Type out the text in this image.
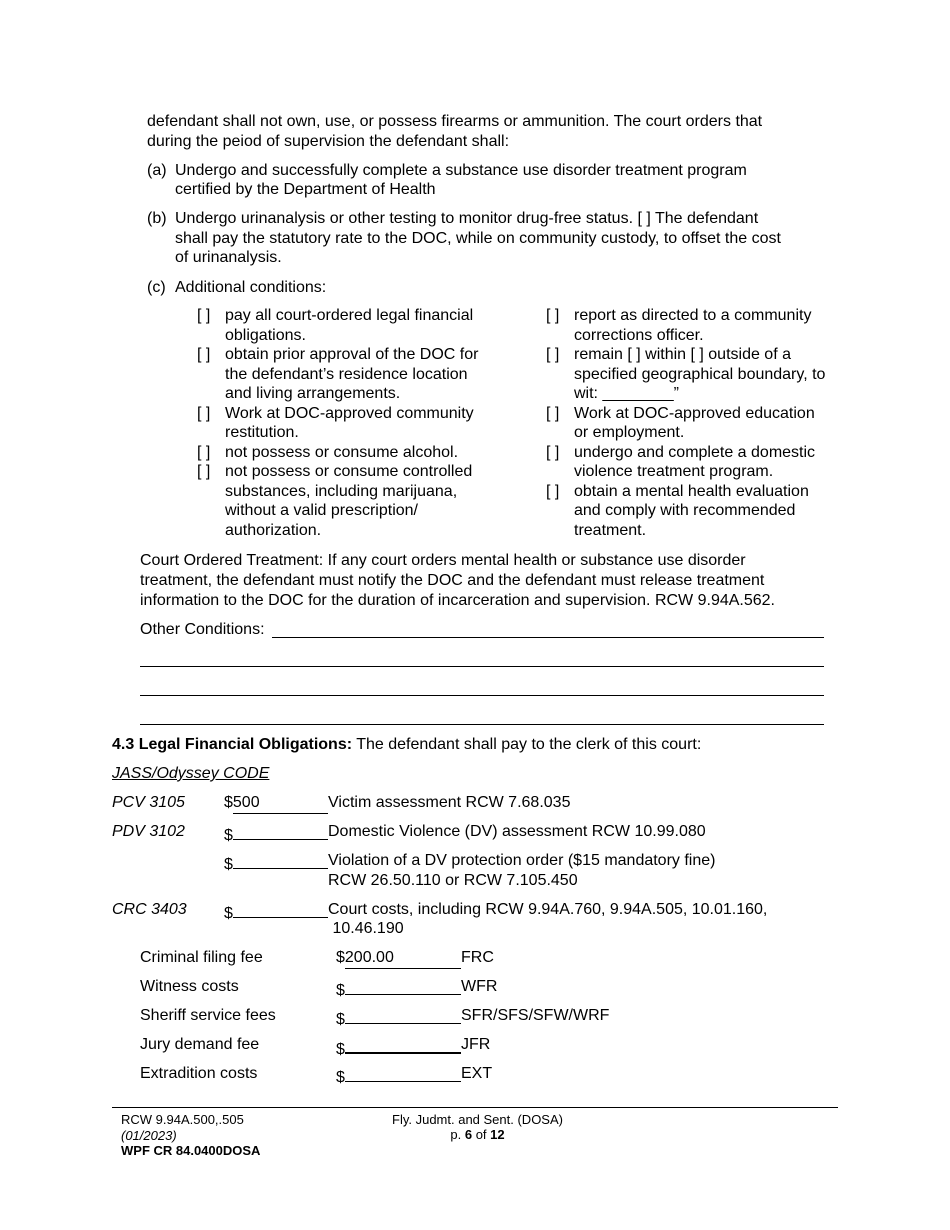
defendant shall not own, use, or possess firearms or ammunition. The court orders that
during the peiod of supervision the defendant shall:
(a) Undergo and successfully complete a substance use disorder treatment program
certified by the Department of Health
(b) Undergo urinanalysis or other testing to monitor drug-free status. [ ] The defendant
shall pay the statutory rate to the DOC, while on community custody, to offset the cost
of urinanalysis.
(c) Additional conditions:
[ ] pay all court-ordered legal financial
obligations.
[ ] obtain prior approval of the DOC for
the defendant’s residence location
and living arrangements.
[ ] Work at DOC-approved community
restitution.
[ ] not possess or consume alcohol.
[ ] not possess or consume controlled
substances, including marijuana,
without a valid prescription/
authorization.
[ ] report as directed to a community
corrections officer.
[ ] remain [ ] within [ ] outside of a
specified geographical boundary, to
wit: ________”
[ ] Work at DOC-approved education
or employment.
[ ] undergo and complete a domestic
violence treatment program.
[ ] obtain a mental health evaluation
and comply with recommended
treatment.
Court Ordered Treatment: If any court orders mental health or substance use disorder
treatment, the defendant must notify the DOC and the defendant must release treatment
information to the DOC for the duration of incarceration and supervision. RCW 9.94A.562.
Other Conditions:
4.3 Legal Financial Obligations: The defendant shall pay to the clerk of this court:
JASS/Odyssey CODE
PCV 3105 $500	Victim assessment RCW 7.68.035
PDV 3102 $	Domestic Violence (DV) assessment RCW 10.99.080
$	Violation of a DV protection order ($15 mandatory fine)
RCW 26.50.110 or RCW 7.105.450
CRC 3403 $	Court costs, including RCW 9.94A.760, 9.94A.505, 10.01.160,
10.46.190
Criminal filing fee	$200.00	FRC
Witness costs	$	WFR
Sheriff service fees	$	SFR/SFS/SFW/WRF
Jury demand fee	$	JFR
Extradition costs	$	EXT
RCW 9.94A.500,.505
(01/2023)
WPF CR 84.0400DOSA
Fly. Judmt. and Sent. (DOSA)
p. 6 of 12
